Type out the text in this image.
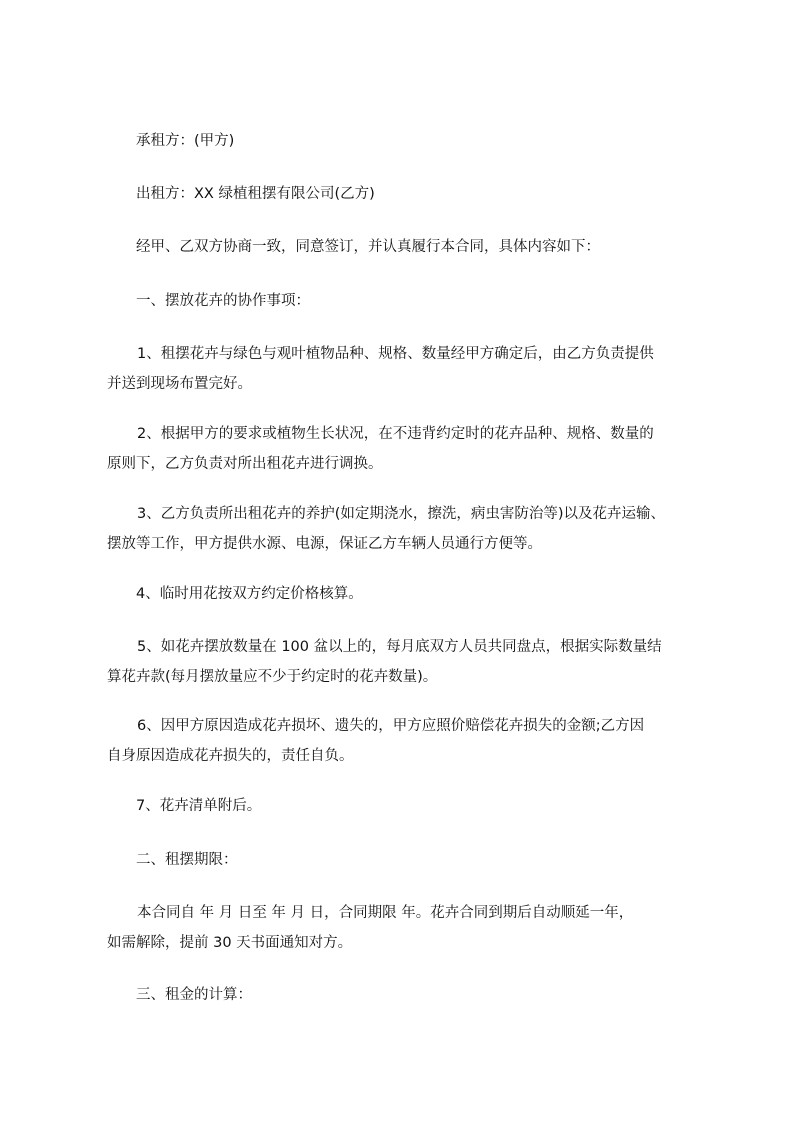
承租方：(甲方)

出租方：XX 绿植租摆有限公司(乙方)

经甲、乙双方协商一致，同意签订，并认真履行本合同，具体内容如下：

一、摆放花卉的协作事项：

1、租摆花卉与绿色与观叶植物品种、规格、数量经甲方确定后，由乙方负责提供
并送到现场布置完好。
2、根据甲方的要求或植物生长状况，在不违背约定时的花卉品种、规格、数量的
原则下，乙方负责对所出租花卉进行调换。
3、乙方负责所出租花卉的养护(如定期浇水，擦洗，病虫害防治等)以及花卉运输、
摆放等工作，甲方提供水源、电源，保证乙方车辆人员通行方便等。

4、临时用花按双方约定价格核算。

5、如花卉摆放数量在 100 盆以上的，每月底双方人员共同盘点，根据实际数量结
算花卉款(每月摆放量应不少于约定时的花卉数量)。
6、因甲方原因造成花卉损坏、遗失的，甲方应照价赔偿花卉损失的金额;乙方因
自身原因造成花卉损失的，责任自负。

7、花卉清单附后。

二、租摆期限：

本合同自 年 月 日至 年 月 日，合同期限 年。花卉合同到期后自动顺延一年，
如需解除，提前 30 天书面通知对方。

三、租金的计算：
